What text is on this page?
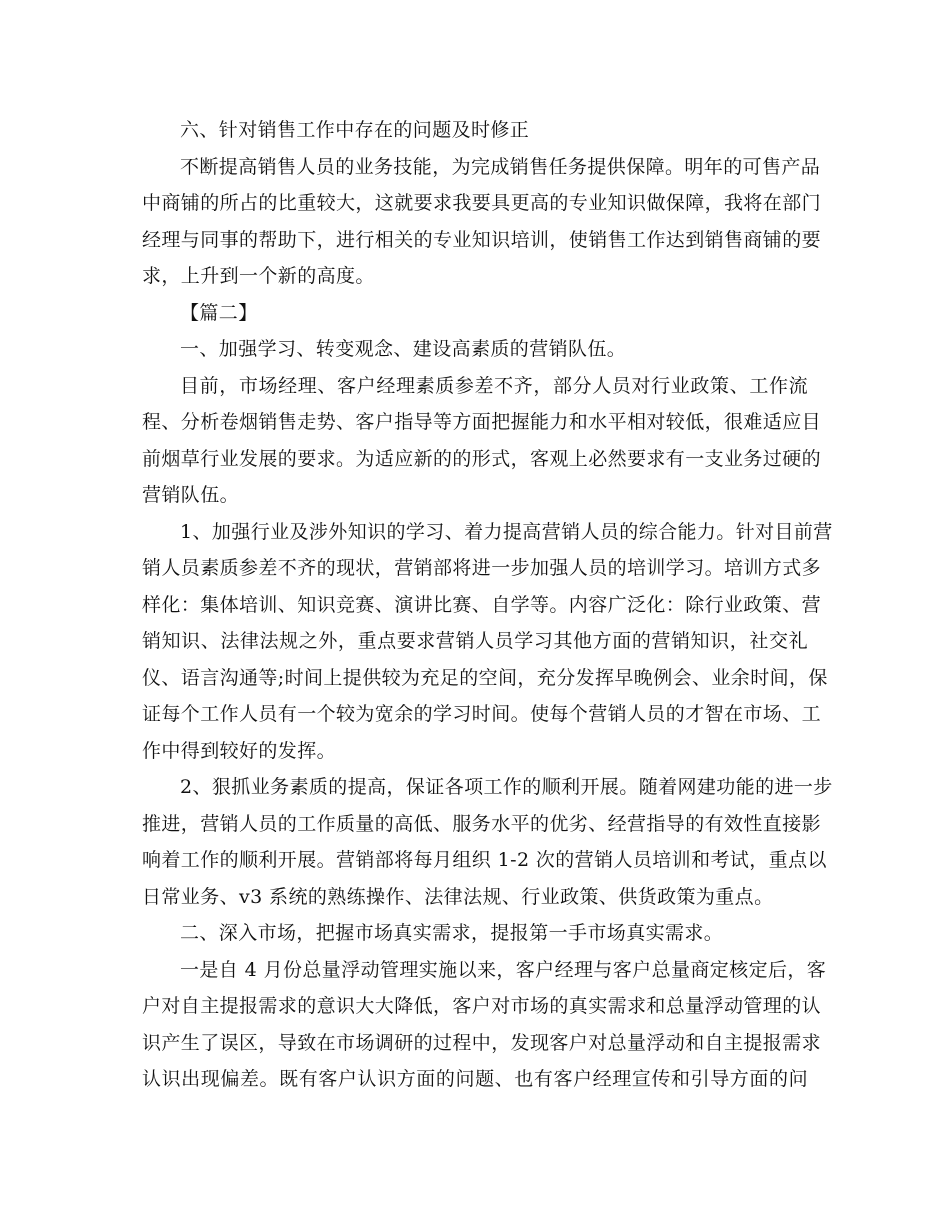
六、针对销售工作中存在的问题及时修正
不断提高销售人员的业务技能，为完成销售任务提供保障。明年的可售产品
中商铺的所占的比重较大，这就要求我要具更高的专业知识做保障，我将在部门
经理与同事的帮助下，进行相关的专业知识培训，使销售工作达到销售商铺的要
求，上升到一个新的高度。
【篇二】
一、加强学习、转变观念、建设高素质的营销队伍。
目前，市场经理、客户经理素质参差不齐，部分人员对行业政策、工作流
程、分析卷烟销售走势、客户指导等方面把握能力和水平相对较低，很难适应目
前烟草行业发展的要求。为适应新的的形式，客观上必然要求有一支业务过硬的
营销队伍。
1、加强行业及涉外知识的学习、着力提高营销人员的综合能力。针对目前营
销人员素质参差不齐的现状，营销部将进一步加强人员的培训学习。培训方式多
样化：集体培训、知识竞赛、演讲比赛、自学等。内容广泛化：除行业政策、营
销知识、法律法规之外，重点要求营销人员学习其他方面的营销知识，社交礼
仪、语言沟通等;时间上提供较为充足的空间，充分发挥早晚例会、业余时间，保
证每个工作人员有一个较为宽余的学习时间。使每个营销人员的才智在市场、工
作中得到较好的发挥。
2、狠抓业务素质的提高，保证各项工作的顺利开展。随着网建功能的进一步
推进，营销人员的工作质量的高低、服务水平的优劣、经营指导的有效性直接影
响着工作的顺利开展。营销部将每月组织 1-2 次的营销人员培训和考试，重点以
日常业务、v3 系统的熟练操作、法律法规、行业政策、供货政策为重点。
二、深入市场，把握市场真实需求，提报第一手市场真实需求。
一是自 4 月份总量浮动管理实施以来，客户经理与客户总量商定核定后，客
户对自主提报需求的意识大大降低，客户对市场的真实需求和总量浮动管理的认
识产生了误区，导致在市场调研的过程中，发现客户对总量浮动和自主提报需求
认识出现偏差。既有客户认识方面的问题、也有客户经理宣传和引导方面的问
